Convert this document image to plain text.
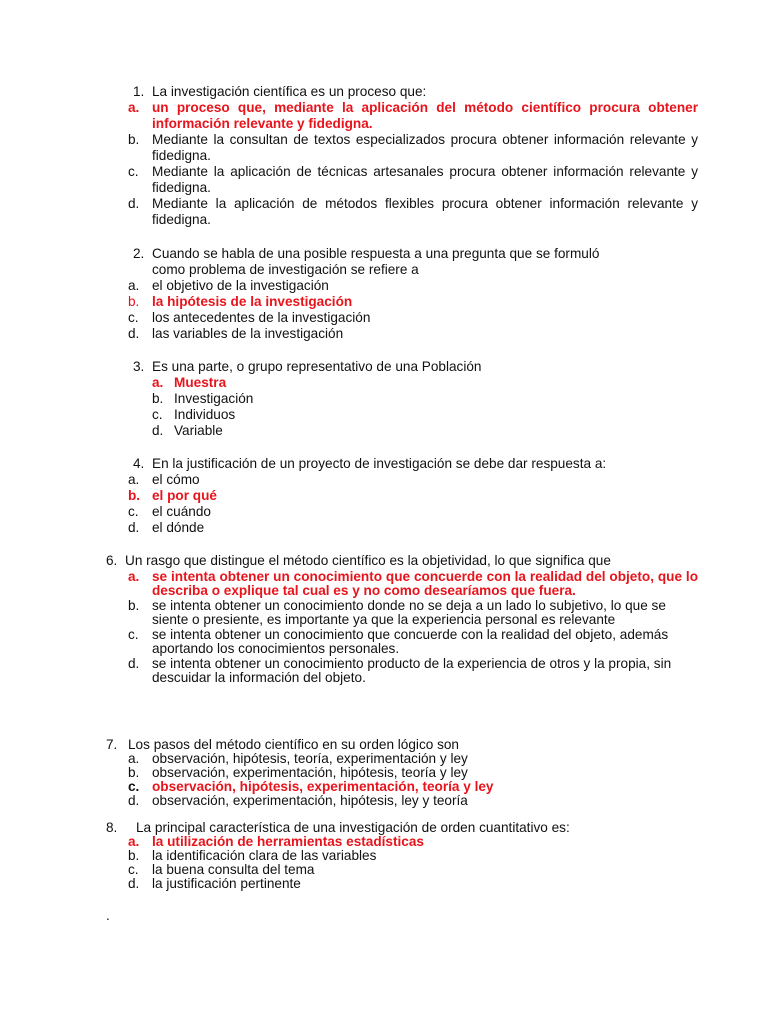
1. La investigación científica es un proceso que:
a. un proceso que, mediante la aplicación del método científico procura obtener información relevante y fidedigna.
b. Mediante la consultan de textos especializados procura obtener información relevante y fidedigna.
c. Mediante la aplicación de técnicas artesanales procura obtener información relevante y fidedigna.
d. Mediante la aplicación de métodos flexibles procura obtener información relevante y fidedigna.
2. Cuando se habla de una posible respuesta a una pregunta que se formuló
como problema de investigación se refiere a
a. el objetivo de la investigación
b. la hipótesis de la investigación
c. los antecedentes de la investigación
d. las variables de la investigación
3. Es una parte, o grupo representativo de una Población
a. Muestra
b. Investigación
c. Individuos
d. Variable
4. En la justificación de un proyecto de investigación se debe dar respuesta a:
a. el cómo
b. el por qué
c. el cuándo
d. el dónde
6. Un rasgo que distingue el método científico es la objetividad, lo que significa que
a. se intenta obtener un conocimiento que concuerde con la realidad del objeto, que lo describa o explique tal cual es y no como desearíamos que fuera.
b. se intenta obtener un conocimiento donde no se deja a un lado lo subjetivo, lo que se siente o presiente, es importante ya que la experiencia personal es relevante
c. se intenta obtener un conocimiento que concuerde con la realidad del objeto, además aportando los conocimientos personales.
d. se intenta obtener un conocimiento producto de la experiencia de otros y la propia, sin descuidar la información del objeto.
7. Los pasos del método científico en su orden lógico son
a. observación, hipótesis, teoría, experimentación y ley
b. observación, experimentación, hipótesis, teoría y ley
c. observación, hipótesis, experimentación, teoría y ley
d. observación, experimentación, hipótesis, ley y teoría
8. La principal característica de una investigación de orden cuantitativo es:
a. la utilización de herramientas estadísticas
b. la identificación clara de las variables
c. la buena consulta del tema
d. la justificación pertinente
.
